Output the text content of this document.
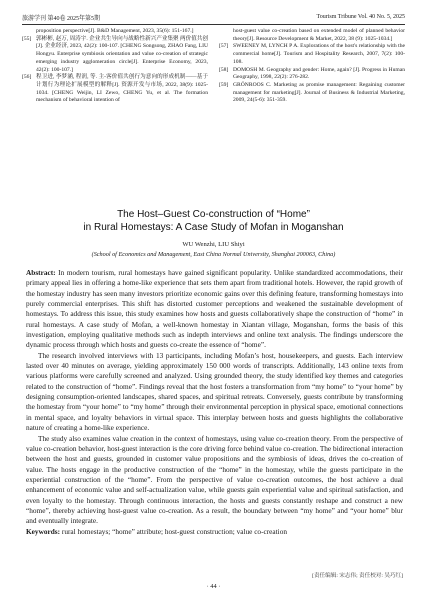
旅游学刊 第40卷 2025年第5期	Tourism Tribune Vol. 40 No. 5, 2025
proposition perspective[J]. B&D Management, 2023, 35(6): 151-167.]
[55] 郭彬彬, 赵万, 周涛宇. 企业共生导向与战略性新兴产业集聚 两价值共创[J]. 企业经济, 2023, 42(2): 100-107. [CHENG Songsong, ZHAO Fang, LIU Hongyu. Enterprise symbiosis orientation and value co-creation of strategic emerging industry agglomeration circle[J]. Enterprise Economy, 2023, 42(2): 100-107.]
[56] 程卫进, 李梦涵, 程润, 等. 主-客价值共创行为意向的形成机制——基于计划行为理论扩展模型的解释[J]. 资源开发与市场, 2022, 38(9): 1025-1034. [CHENG Weijin, LI Zewo, CHENG Yu, et al. The formation mechanism of behavioral intention of
host-guest value co-creation based on extended model of planned behavior theory[J]. Resource Development & Market, 2022, 38 (9): 1025-1034.]
[57] SWEENEY M, LYNCH P A. Explorations of the host's relationship with the commercial home[J]. Tourism and Hospitality Research, 2007, 7(2): 100-108.
[58] DOMOSH M. Geography and gender: Home, again? [J]. Progress in Human Geography, 1998, 22(2): 276-282.
[59] GRÖNROOS C. Marketing as promise management: Regaining customer management for marketing[J]. Journal of Business & Industrial Marketing, 2009, 24(5-6): 351-359.
The Host–Guest Co-construction of “Home”
in Rural Homestays: A Case Study of Mofan in Moganshan
WU Wenzhi, LIU Shiyi
(School of Economics and Management, East China Normal University, Shanghai 200063, China)

Abstract: In modern tourism, rural homestays have gained significant popularity. Unlike standardized accommodations, their primary appeal lies in offering a home-like experience that sets them apart from traditional hotels. However, the rapid growth of the homestay industry has seen many investors prioritize economic gains over this defining feature, transforming homestays into purely commercial enterprises. This shift has distorted customer perceptions and weakened the sustainable development of homestays. To address this issue, this study examines how hosts and guests collaboratively shape the construction of “home” in rural homestays. A case study of Mofan, a well-known homestay in Xiantan village, Moganshan, forms the basis of this investigation, employing qualitative methods such as indepth interviews and online text analysis. The findings underscore the dynamic process through which hosts and guests co-create the essence of “home”.

The research involved interviews with 13 participants, including Mofan’s host, housekeepers, and guests. Each interview lasted over 40 minutes on average, yielding approximately 150 000 words of transcripts. Additionally, 143 online texts from various platforms were carefully screened and analyzed. Using grounded theory, the study identified key themes and categories related to the construction of “home”. Findings reveal that the host fosters a transformation from “my home” to “your home” by designing consumption-oriented landscapes, shared spaces, and spiritual retreats. Conversely, guests contribute by transforming the homestay from “your home” to “my home” through their environmental perception in physical space, emotional connections in mental space, and loyalty behaviors in virtual space. This interplay between hosts and guests highlights the collaborative nature of creating a home-like experience.

The study also examines value creation in the context of homestays, using value co-creation theory. From the perspective of value co-creation behavior, host-guest interaction is the core driving force behind value co-creation. The bidirectional interaction between the host and guests, grounded in customer value propositions and the symbiosis of ideas, drives the co-creation of value. The hosts engage in the productive construction of the “home” in the homestay, while the guests participate in the experiential construction of the “home”. From the perspective of value co-creation outcomes, the host achieve a dual enhancement of economic value and self-actualization value, while guests gain experiential value and spiritual satisfaction, and even loyalty to the homestay. Through continuous interaction, the hosts and guests constantly reshape and construct a new “home”, thereby achieving host-guest value co-creation. As a result, the boundary between “my home” and “your home” blur and eventually integrate.

Keywords: rural homestays; “home” attribute; host-guest construction; value co-creation

[责任编辑: 宋志伟; 责任校对: 吴巧红]
· 44 ·
